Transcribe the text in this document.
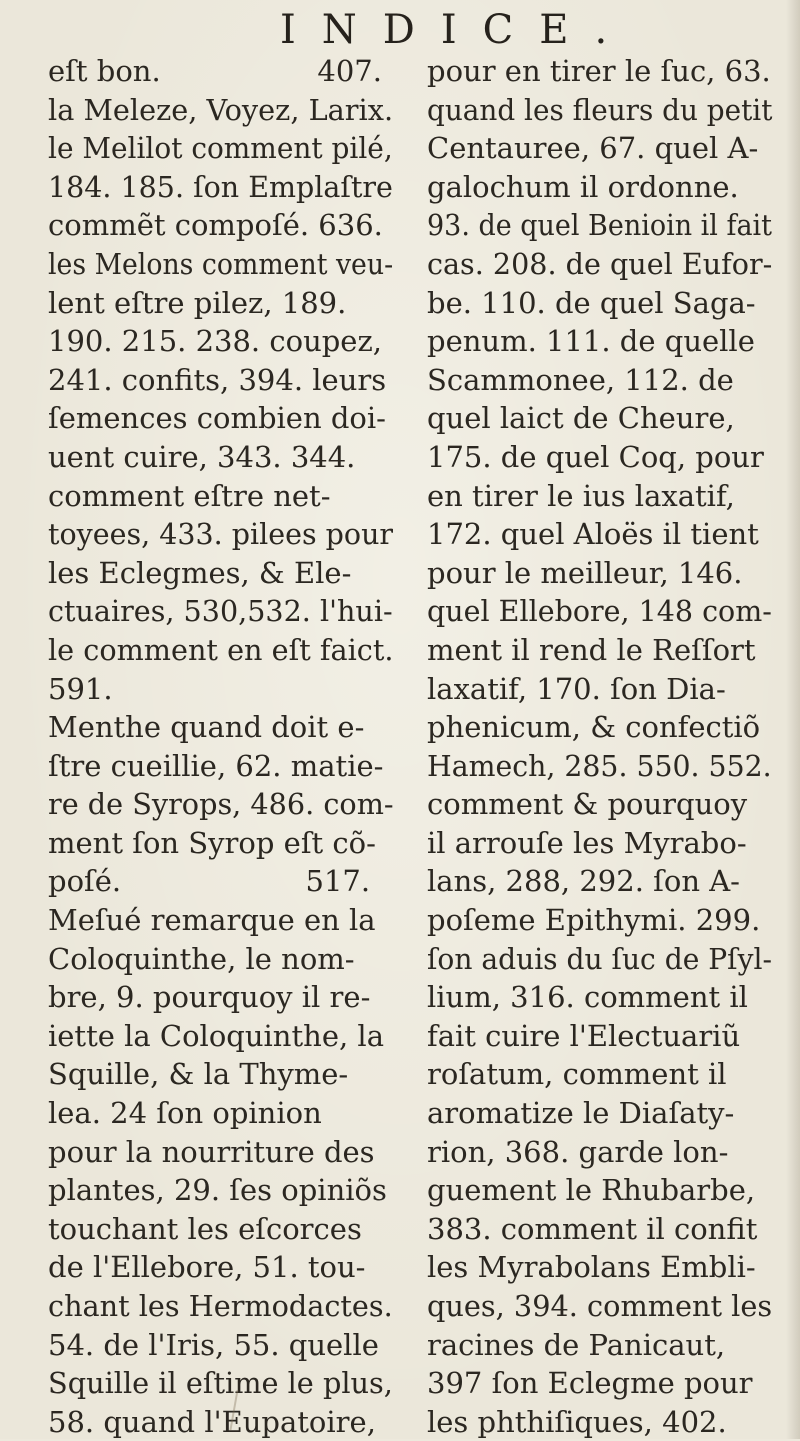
INDICE.
eſt bon.                 407.
la Meleze, Voyez, Larix.
le Melilot comment pilé,
184. 185. ſon Emplaſtre
commẽt compoſé. 636.
les Melons comment veu-
lent eſtre pilez, 189.
190. 215. 238. coupez,
241. confits, 394. leurs
ſemences combien doi-
uent cuire, 343. 344.
comment eſtre net-
toyees, 433. pilees pour
les Eclegmes, & Ele-
ctuaires, 530,532. l'hui-
le comment en eſt faict.
591.
Menthe quand doit e-
ſtre cueillie, 62. matie-
re de Syrops, 486. com-
ment ſon Syrop eſt cõ-
poſé.                    517.
Meſué remarque en la
Coloquinthe, le nom-
bre, 9. pourquoy il re-
iette la Coloquinthe, la
Squille, & la Thyme-
lea. 24 ſon opinion
pour la nourriture des
plantes, 29. ſes opiniõs
touchant les eſcorces
de l'Ellebore, 51. tou-
chant les Hermodactes.
54. de l'Iris, 55. quelle
Squille il eſtime le plus,
58. quand l'Eupatoire,
pour en tirer le ſuc, 63.
quand les fleurs du petit
Centauree, 67. quel A-
galochum il ordonne.
93. de quel Benioin il fait
cas. 208. de quel Eufor-
be. 110. de quel Saga-
penum. 111. de quelle
Scammonee, 112. de
quel laict de Cheure,
175. de quel Coq, pour
en tirer le ius laxatif,
172. quel Aloës il tient
pour le meilleur, 146.
quel Ellebore, 148 com-
ment il rend le Reſſort
laxatif, 170. ſon Dia-
phenicum, & confectiõ
Hamech, 285. 550. 552.
comment & pourquoy
il arrouſe les Myrabo-
lans, 288, 292. ſon A-
poſeme Epithymi. 299.
ſon aduis du ſuc de Pſyl-
lium, 316. comment il
fait cuire l'Electuariũ
roſatum, comment il
aromatize le Diaſaty-
rion, 368. garde lon-
guement le Rhubarbe,
383. comment il confit
les Myrabolans Embli-
ques, 394. comment les
racines de Panicaut,
397 ſon Eclegme pour
les phthiſiques, 402.
